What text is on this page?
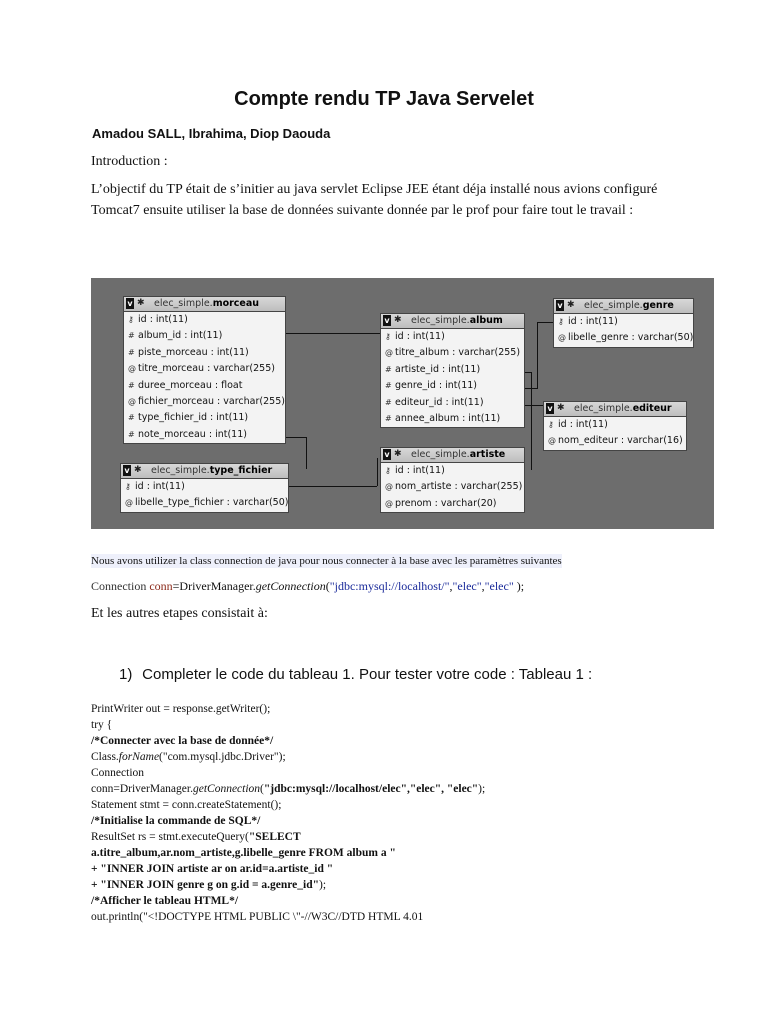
Compte rendu TP Java Servelet
Amadou SALL, Ibrahima, Diop Daouda
Introduction :
L’objectif du TP était de s’initier au java servlet Eclipse JEE étant déja installé nous avions configuré Tomcat7 ensuite utiliser la base de données suivante donnée par le prof pour faire tout le travail :
v ✱ elec_simple.morceau
⚷ id : int(11)
# album_id : int(11)
# piste_morceau : int(11)
@ titre_morceau : varchar(255)
# duree_morceau : float
@ fichier_morceau : varchar(255)
# type_fichier_id : int(11)
# note_morceau : int(11)
v ✱ elec_simple.type_fichier
⚷ id : int(11)
@ libelle_type_fichier : varchar(50)
v ✱ elec_simple.album
⚷ id : int(11)
@ titre_album : varchar(255)
# artiste_id : int(11)
# genre_id : int(11)
# editeur_id : int(11)
# annee_album : int(11)
v ✱ elec_simple.artiste
⚷ id : int(11)
@ nom_artiste : varchar(255)
@ prenom : varchar(20)
v ✱ elec_simple.genre
⚷ id : int(11)
@ libelle_genre : varchar(50)
v ✱ elec_simple.editeur
⚷ id : int(11)
@ nom_editeur : varchar(16)
Nous avons utilizer la class connection de java pour nous connecter à la base avec les paramètres suivantes
Connection conn=DriverManager.getConnection("jdbc:mysql://localhost/","elec","elec" );
Et les autres etapes consistait à:
1) Completer le code du tableau 1. Pour tester votre code : Tableau 1 :
PrintWriter out = response.getWriter();
try {
/*Connecter avec la base de donnée*/
Class.forName("com.mysql.jdbc.Driver");
Connection
conn=DriverManager.getConnection("jdbc:mysql://localhost/elec","elec", "elec");
Statement stmt = conn.createStatement();
/*Initialise la commande de SQL*/
ResultSet rs = stmt.executeQuery("SELECT
a.titre_album,ar.nom_artiste,g.libelle_genre FROM album a "
+ "INNER JOIN artiste ar on ar.id=a.artiste_id "
+ "INNER JOIN genre g on g.id = a.genre_id");
/*Afficher le tableau HTML*/
out.println("<!DOCTYPE HTML PUBLIC \"-//W3C//DTD HTML 4.01
